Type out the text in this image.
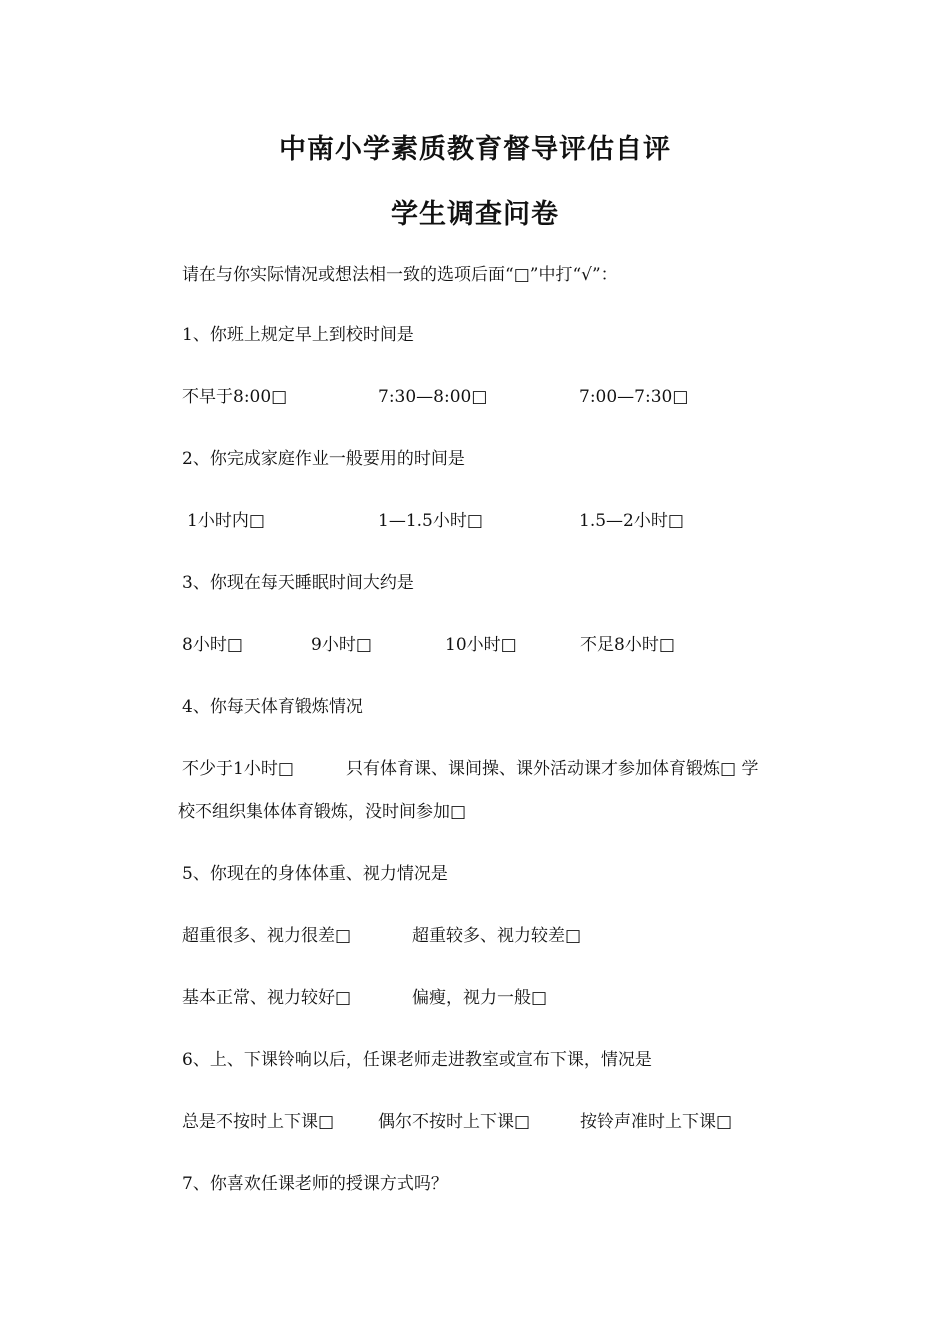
中南小学素质教育督导评估自评
学生调查问卷
请在与你实际情况或想法相一致的选项后面“□”中打“√”：
1、你班上规定早上到校时间是
不早于8:00□	7:30—8:00□	7:00—7:30□
2、你完成家庭作业一般要用的时间是
1小时内□	1—1.5小时□	1.5—2小时□
3、你现在每天睡眠时间大约是
8小时□	9小时□	10小时□	不足8小时□
4、你每天体育锻炼情况
不少于1小时□	只有体育课、课间操、课外活动课才参加体育锻炼□ 学
校不组织集体体育锻炼，没时间参加□
5、你现在的身体体重、视力情况是
超重很多、视力很差□	超重较多、视力较差□
基本正常、视力较好□	偏瘦，视力一般□
6、上、下课铃响以后，任课老师走进教室或宣布下课，情况是
总是不按时上下课□	偶尔不按时上下课□	按铃声准时上下课□
7、你喜欢任课老师的授课方式吗？
